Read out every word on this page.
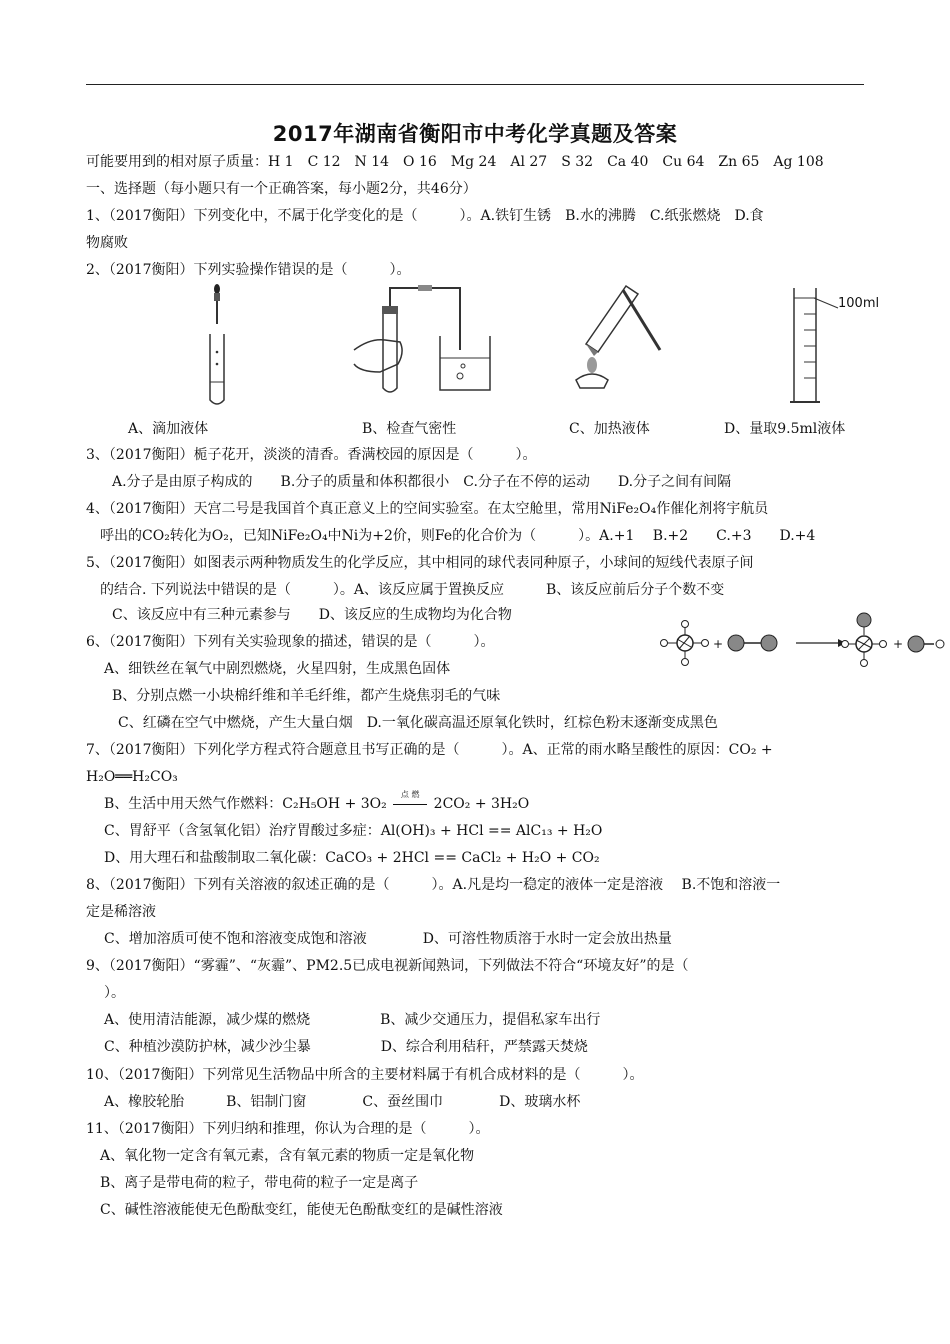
2017年湖南省衡阳市中考化学真题及答案
可能要用到的相对原子质量：H 1　C 12　N 14　O 16　Mg 24　Al 27　S 32　Ca 40　Cu 64　Zn 65　Ag 108
一、选择题（每小题只有一个正确答案，每小题2分，共46分）
1、（2017衡阳）下列变化中，不属于化学变化的是（　　　）。A.铁钉生锈　B.水的沸腾　C.纸张燃烧　D.食
物腐败
2、（2017衡阳）下列实验操作错误的是（　　　）。
100ml
A、滴加液体	B、检查气密性	C、加热液体	D、量取9.5ml液体
3、（2017衡阳）栀子花开，淡淡的清香。香满校园的原因是（　　　）。
A.分子是由原子构成的　　B.分子的质量和体积都很小　C.分子在不停的运动　　D.分子之间有间隔
4、（2017衡阳）天宫二号是我国首个真正意义上的空间实验室。在太空舱里，常用NiFe₂O₄作催化剂将宇航员
呼出的CO₂转化为O₂，已知NiFe₂O₄中Ni为+2价，则Fe的化合价为（　　　）。A.+1　 B.+2　　C.+3　　D.+4
5、（2017衡阳）如图表示两种物质发生的化学反应，其中相同的球代表同种原子，小球间的短线代表原子间
的结合. 下列说法中错误的是（　　　）。A、该反应属于置换反应　　　B、该反应前后分子个数不变
C、该反应中有三种元素参与　　D、该反应的生成物均为化合物
+	+
6、（2017衡阳）下列有关实验现象的描述，错误的是（　　　）。
A、细铁丝在氧气中剧烈燃烧，火星四射，生成黑色固体
B、分别点燃一小块棉纤维和羊毛纤维，都产生烧焦羽毛的气味
C、红磷在空气中燃烧，产生大量白烟　D.一氧化碳高温还原氧化铁时，红棕色粉末逐渐变成黑色
7、（2017衡阳）下列化学方程式符合题意且书写正确的是（　　　）。A、正常的雨水略呈酸性的原因：CO₂ +
H₂O══H₂CO₃
B、生活中用天然气作燃料：C₂H₅OH + 3O₂
点 燃
2CO₂ + 3H₂O
C、胃舒平（含氢氧化铝）治疗胃酸过多症：Al(OH)₃ + HCl == AlC₁₃ + H₂O
D、用大理石和盐酸制取二氧化碳：CaCO₃ + 2HCl == CaCl₂ + H₂O + CO₂
8、（2017衡阳）下列有关溶液的叙述正确的是（　　　）。A.凡是均一稳定的液体一定是溶液　 B.不饱和溶液一
定是稀溶液
C、增加溶质可使不饱和溶液变成饱和溶液　　　　D、可溶性物质溶于水时一定会放出热量
9、（2017衡阳）“雾霾”、“灰霾”、PM2.5已成电视新闻熟词，下列做法不符合“环境友好”的是（
）。
A、使用清洁能源，减少煤的燃烧　　　　　B、减少交通压力，提倡私家车出行
C、种植沙漠防护林，减少沙尘暴　　　　　D、综合利用秸秆，严禁露天焚烧
10、（2017衡阳）下列常见生活物品中所含的主要材料属于有机合成材料的是（　　　）。
A、橡胶轮胎　　　B、铝制门窗　　　　C、蚕丝围巾　　　　D、玻璃水杯
11、（2017衡阳）下列归纳和推理，你认为合理的是（　　　）。
A、氧化物一定含有氧元素，含有氧元素的物质一定是氧化物
B、离子是带电荷的粒子，带电荷的粒子一定是离子
C、碱性溶液能使无色酚酞变红，能使无色酚酞变红的是碱性溶液
